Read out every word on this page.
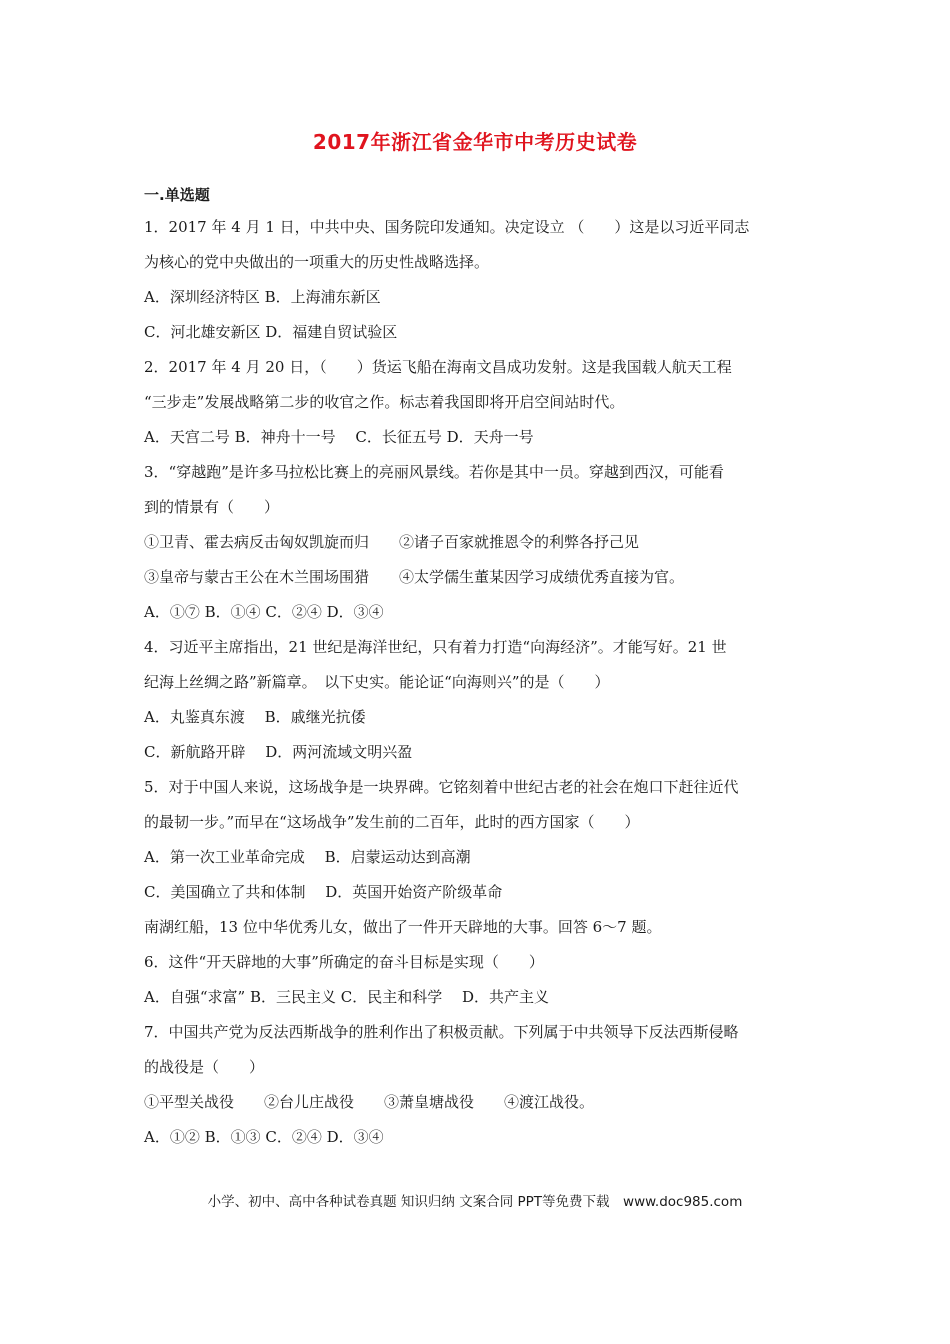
2017年浙江省金华市中考历史试卷
一.单选题
1．2017 年 4 月 1 日，中共中央、国务院印发通知。决定设立 （　　）这是以习近平同志
为核心的党中央做出的一项重大的历史性战略选择。
A．深圳经济特区 B．上海浦东新区
C．河北雄安新区 D．福建自贸试验区
2．2017 年 4 月 20 日，（　　）货运飞船在海南文昌成功发射。这是我国载人航天工程
“三步走”发展战略第二步的收官之作。标志着我国即将开启空间站时代。
A．天宫二号 B．神舟十一号　 C．长征五号 D．天舟一号
3．“穿越跑”是许多马拉松比赛上的亮丽风景线。若你是其中一员。穿越到西汉，可能看
到的情景有（　　）
①卫青、霍去病反击匈奴凯旋而归　　②诸子百家就推恩令的利弊各抒己见
③皇帝与蒙古王公在木兰围场围猎　　④太学儒生董某因学习成绩优秀直接为官。
A．①⑦ B．①④ C．②④ D．③④
4．习近平主席指出，21 世纪是海洋世纪，只有着力打造“向海经济”。才能写好。21 世
纪海上丝绸之路”新篇章。　以下史实。能论证“向海则兴”的是（　　）
A．丸鉴真东渡　 B．戚继光抗倭
C．新航路开辟　 D．两河流域文明兴盈
5．对于中国人来说，这场战争是一块界碑。它铭刻着中世纪古老的社会在炮口下赶往近代
的最韧一步。”而早在“这场战争”发生前的二百年，此时的西方国家（　　）
A．第一次工业革命完成　 B．启蒙运动达到高潮
C．美国确立了共和体制　 D．英国开始资产阶级革命
南湖红船，13 位中华优秀儿女，做出了一件开天辟地的大事。回答 6～7 题。
6．这件“开天辟地的大事”所确定的奋斗目标是实现（　　）
A．自强“求富” B．三民主义 C．民主和科学　 D．共产主义
7．中国共产党为反法西斯战争的胜利作出了积极贡献。下列属于中共领导下反法西斯侵略
的战役是（　　）
①平型关战役　　②台儿庄战役　　③萧皇塘战役　　④渡江战役。
A．①② B．①③ C．②④ D．③④
小学、初中、高中各种试卷真题 知识归纳 文案合同 PPT等免费下载　www.doc985.com
